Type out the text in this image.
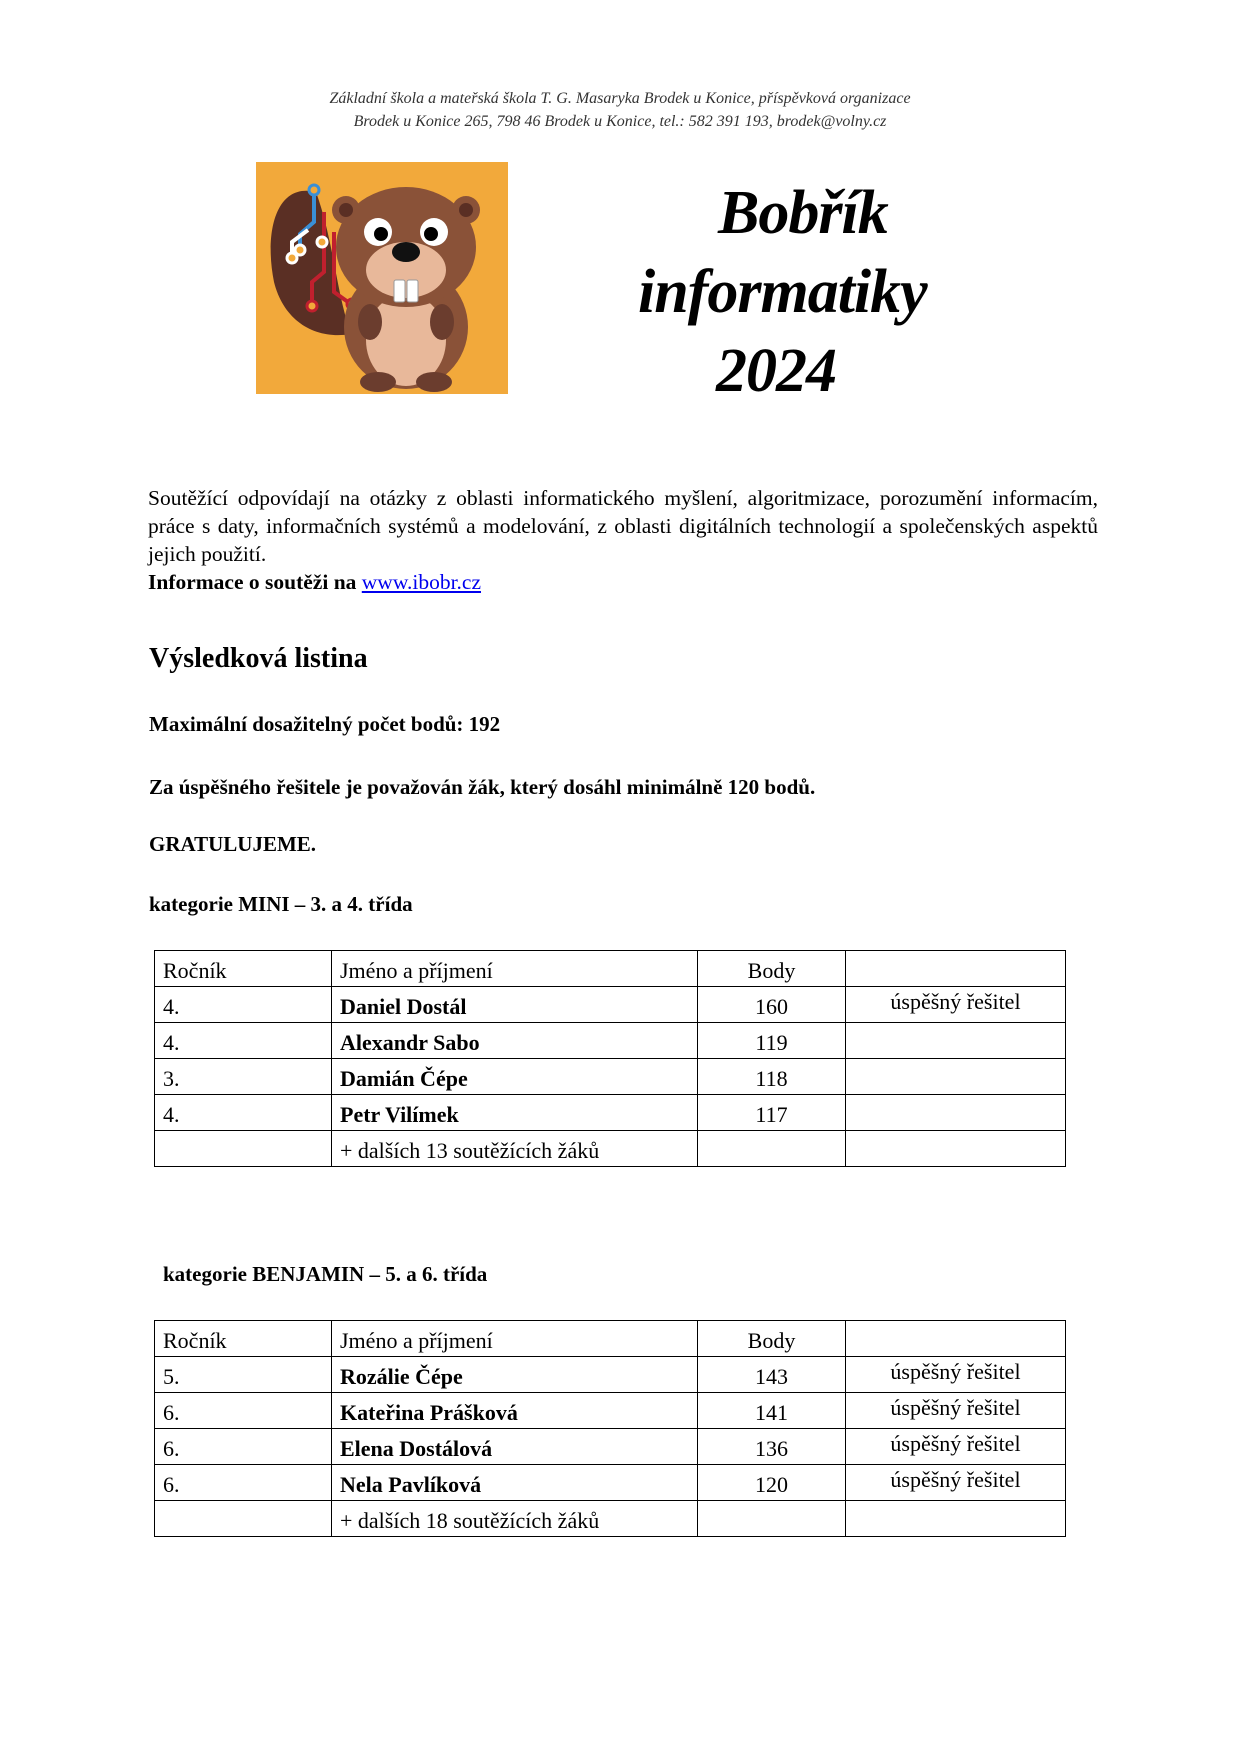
Základní škola a mateřská škola T. G. Masaryka Brodek u Konice, příspěvková organizace
Brodek u Konice 265, 798 46 Brodek u Konice, tel.: 582 391 193, brodek@volny.cz
Bobřík
informatiky
2024

Soutěžící odpovídají na otázky z oblasti informatického myšlení, algoritmizace, porozumění informacím, práce s daty, informačních systémů a modelování, z oblasti digitálních technologií a společenských aspektů jejich použití.

Informace o soutěži na www.ibobr.cz

Výsledková listina
Maximální dosažitelný počet bodů: 192
Za úspěšného řešitele je považován žák, který dosáhl minimálně 120 bodů.
GRATULUJEME.
kategorie MINI – 3. a 4. třída
Ročník	Jméno a příjmení	Body	
4.	Daniel Dostál	160	úspěšný řešitel
4.	Alexandr Sabo	119	
3.	Damián Čépe	118	
4.	Petr Vilímek	117	
	+ dalších 13 soutěžících žáků		
kategorie BENJAMIN – 5. a 6. třída
Ročník	Jméno a příjmení	Body	
5.	Rozálie Čépe	143	úspěšný řešitel
6.	Kateřina Prášková	141	úspěšný řešitel
6.	Elena Dostálová	136	úspěšný řešitel
6.	Nela Pavlíková	120	úspěšný řešitel
	+ dalších 18 soutěžících žáků		
